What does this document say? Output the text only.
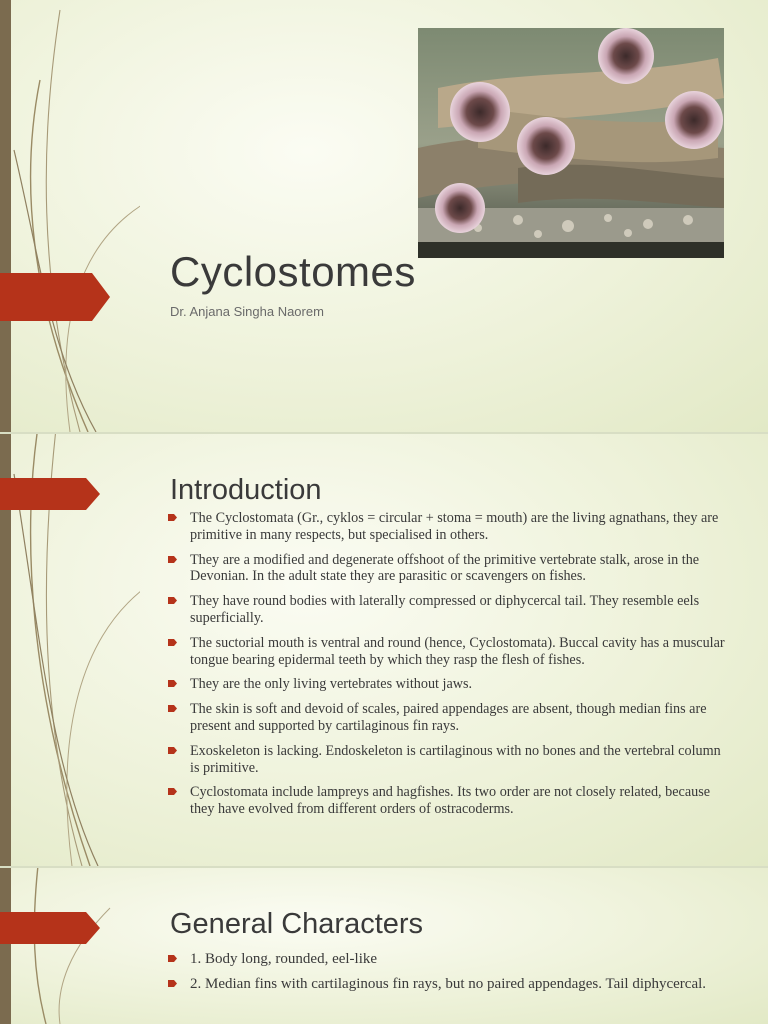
Cyclostomes
Dr. Anjana Singha Naorem
Introduction
The Cyclostomata (Gr., cyklos = circular + stoma = mouth) are the living agnathans, they are primitive in many respects, but specialised in others.
They are a modified and degenerate offshoot of the primitive vertebrate stalk, arose in the Devonian. In the adult state they are parasitic or scavengers on fishes.
They have round bodies with laterally compressed or diphycercal tail. They resemble eels superficially.
The suctorial mouth is ventral and round (hence, Cyclostomata). Buccal cavity has a muscular tongue bearing epidermal teeth by which they rasp the flesh of fishes.
They are the only living vertebrates without jaws.
The skin is soft and devoid of scales, paired appendages are absent, though median fins are present and supported by cartilaginous fin rays.
Exoskeleton is lacking. Endoskeleton is cartilaginous with no bones and the vertebral column is primitive.
Cyclostomata include lampreys and hagfishes. Its two order are not closely related, because they have evolved from different orders of ostracoderms.
General Characters
1. Body long, rounded, eel-like
2. Median fins with cartilaginous fin rays, but no paired appendages. Tail diphycercal.
